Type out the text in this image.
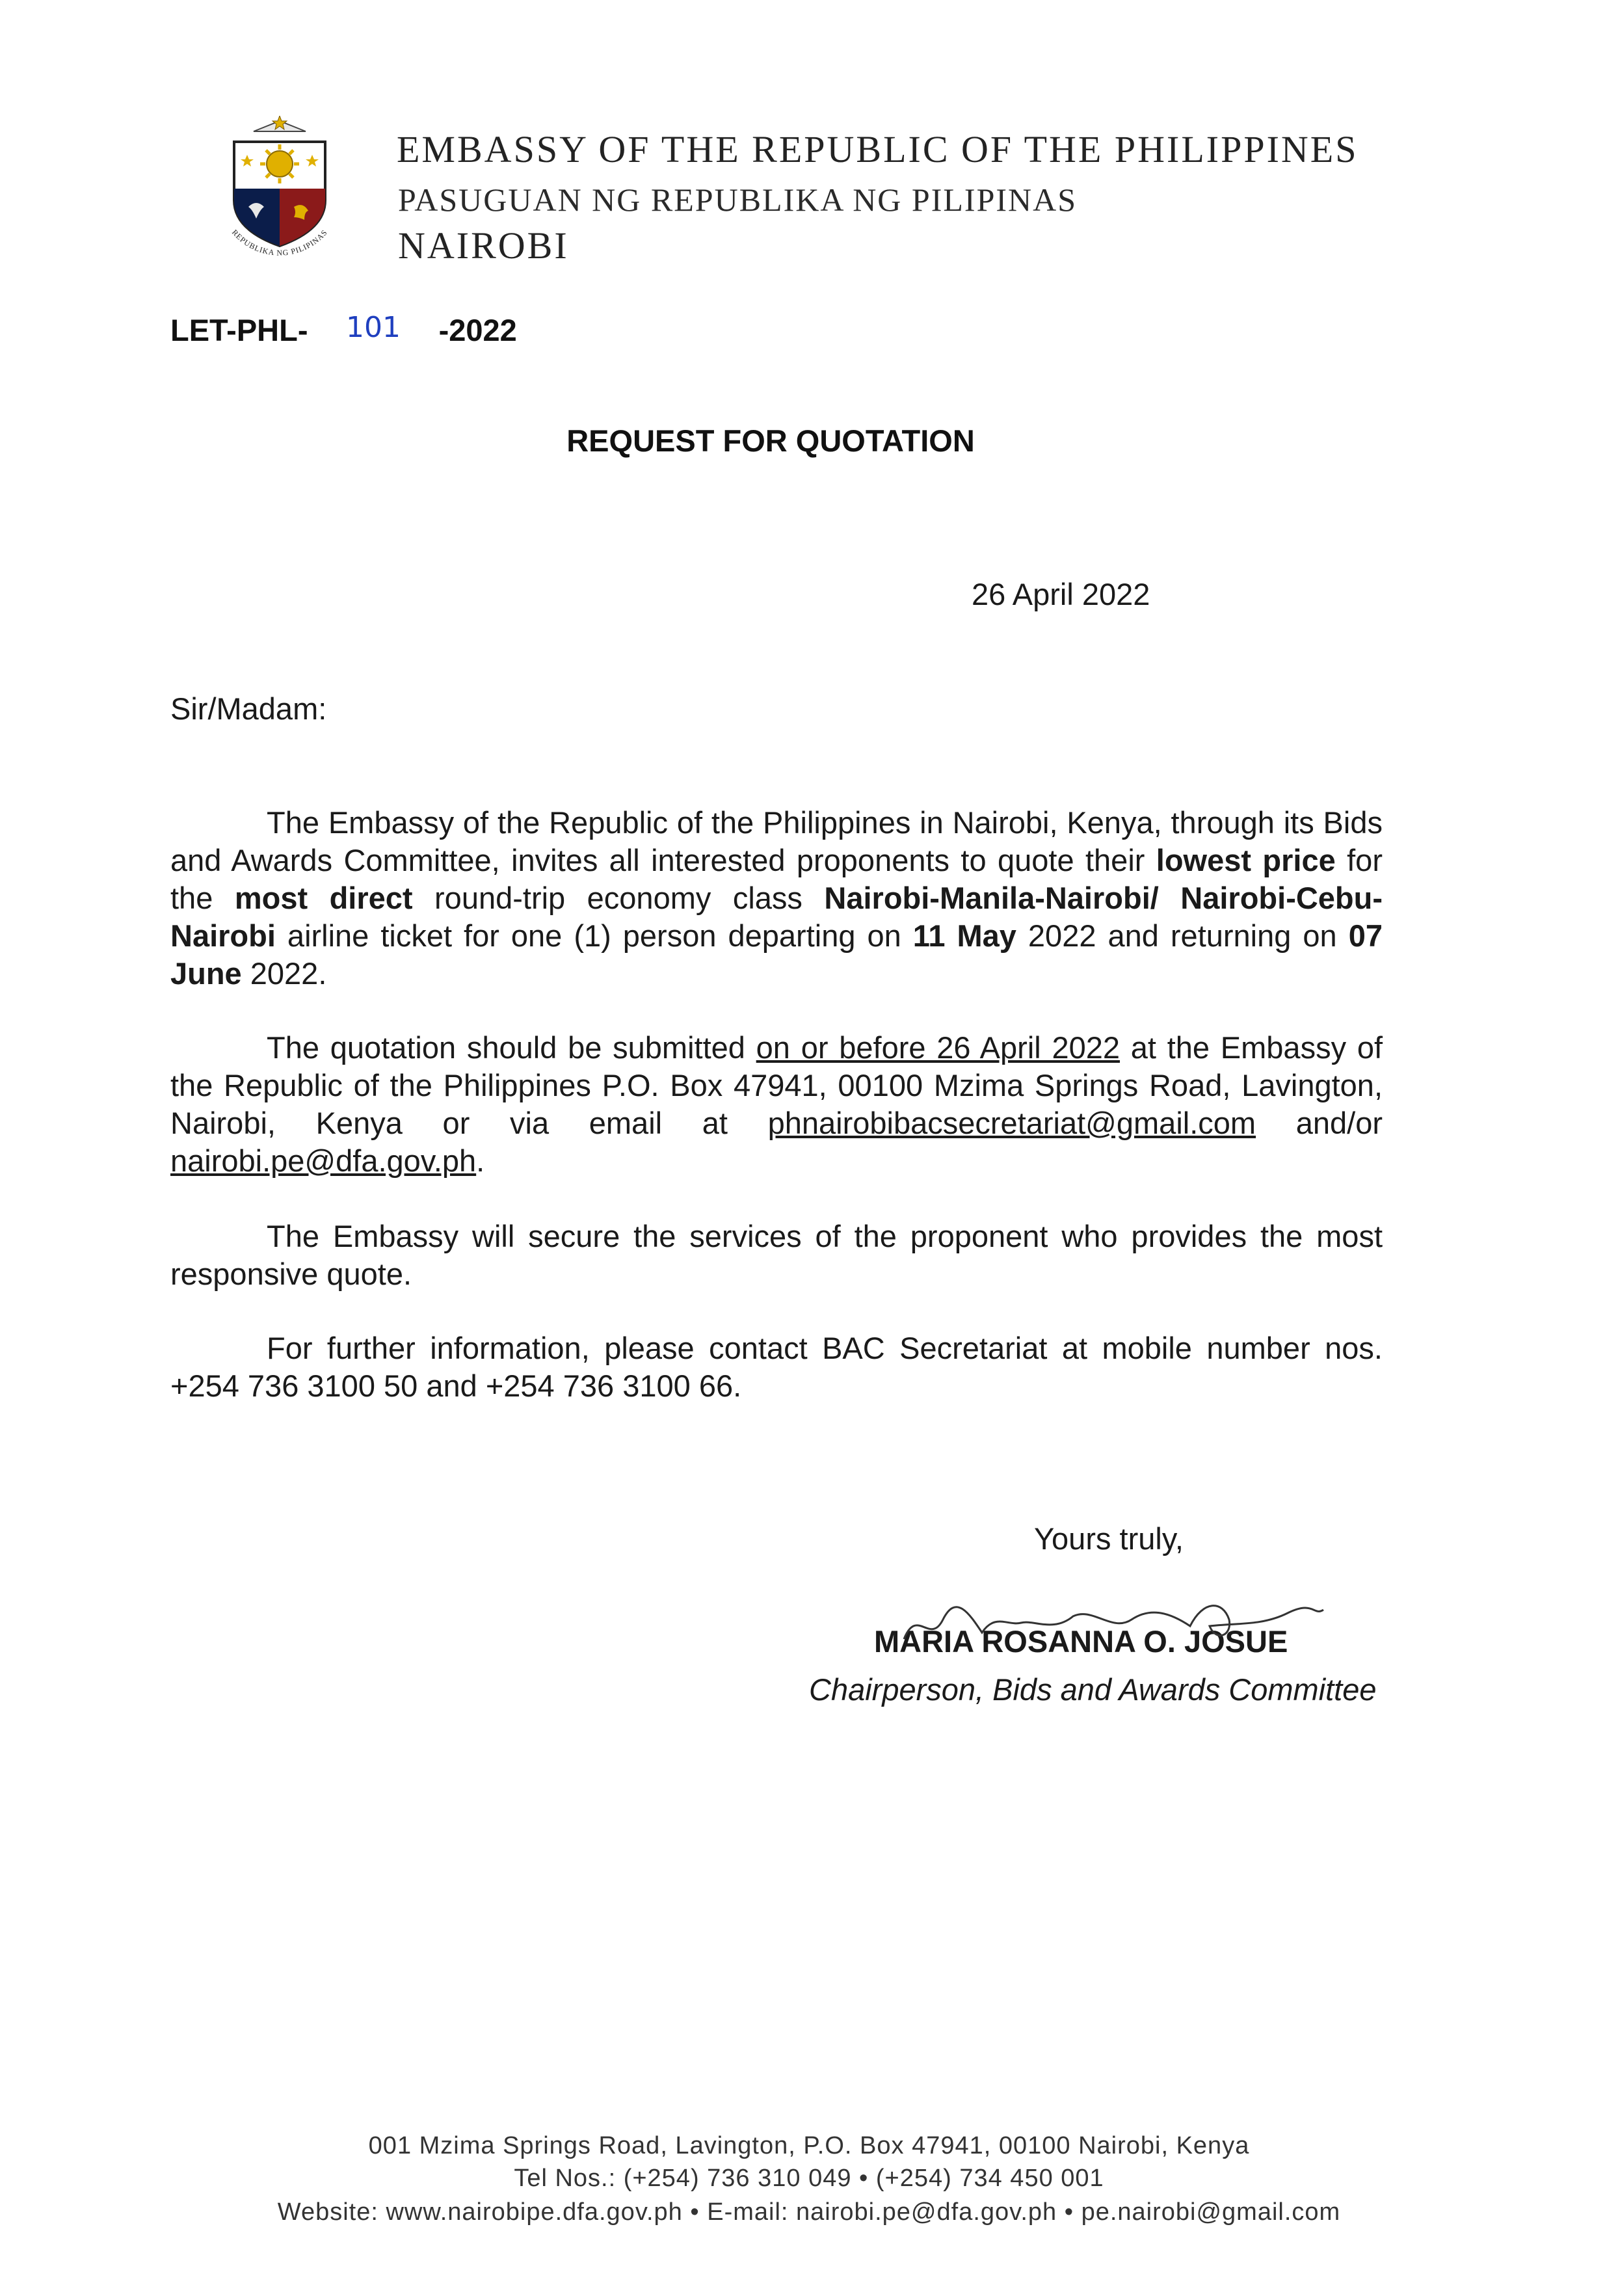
REPUBLIKA NG PILIPINAS
EMBASSY OF THE REPUBLIC OF THE PHILIPPINES
PASUGUAN NG REPUBLIKA NG PILIPINAS
NAIROBI
LET-PHL- 101 -2022
REQUEST FOR QUOTATION
26 April 2022
Sir/Madam:

The Embassy of the Republic of the Philippines in Nairobi, Kenya, through its Bids and Awards Committee, invites all interested proponents to quote their lowest price for the most direct round-trip economy class Nairobi-Manila-Nairobi/ Nairobi-Cebu-Nairobi airline ticket for one (1) person departing on 11 May 2022 and returning on 07 June 2022.

The quotation should be submitted on or before 26 April 2022 at the Embassy of the Republic of the Philippines P.O. Box 47941, 00100 Mzima Springs Road, Lavington, Nairobi, Kenya or via email at phnairobibacsecretariat@gmail.com and/or nairobi.pe@dfa.gov.ph.

The Embassy will secure the services of the proponent who provides the most responsive quote.

For further information, please contact BAC Secretariat at mobile number nos. +254 736 3100 50 and +254 736 3100 66.

Yours truly,
MARIA ROSANNA O. JOSUE
Chairperson, Bids and Awards Committee
001 Mzima Springs Road, Lavington, P.O. Box 47941, 00100 Nairobi, Kenya
Tel Nos.: (+254) 736 310 049 • (+254) 734 450 001
Website: www.nairobipe.dfa.gov.ph • E-mail: nairobi.pe@dfa.gov.ph • pe.nairobi@gmail.com
